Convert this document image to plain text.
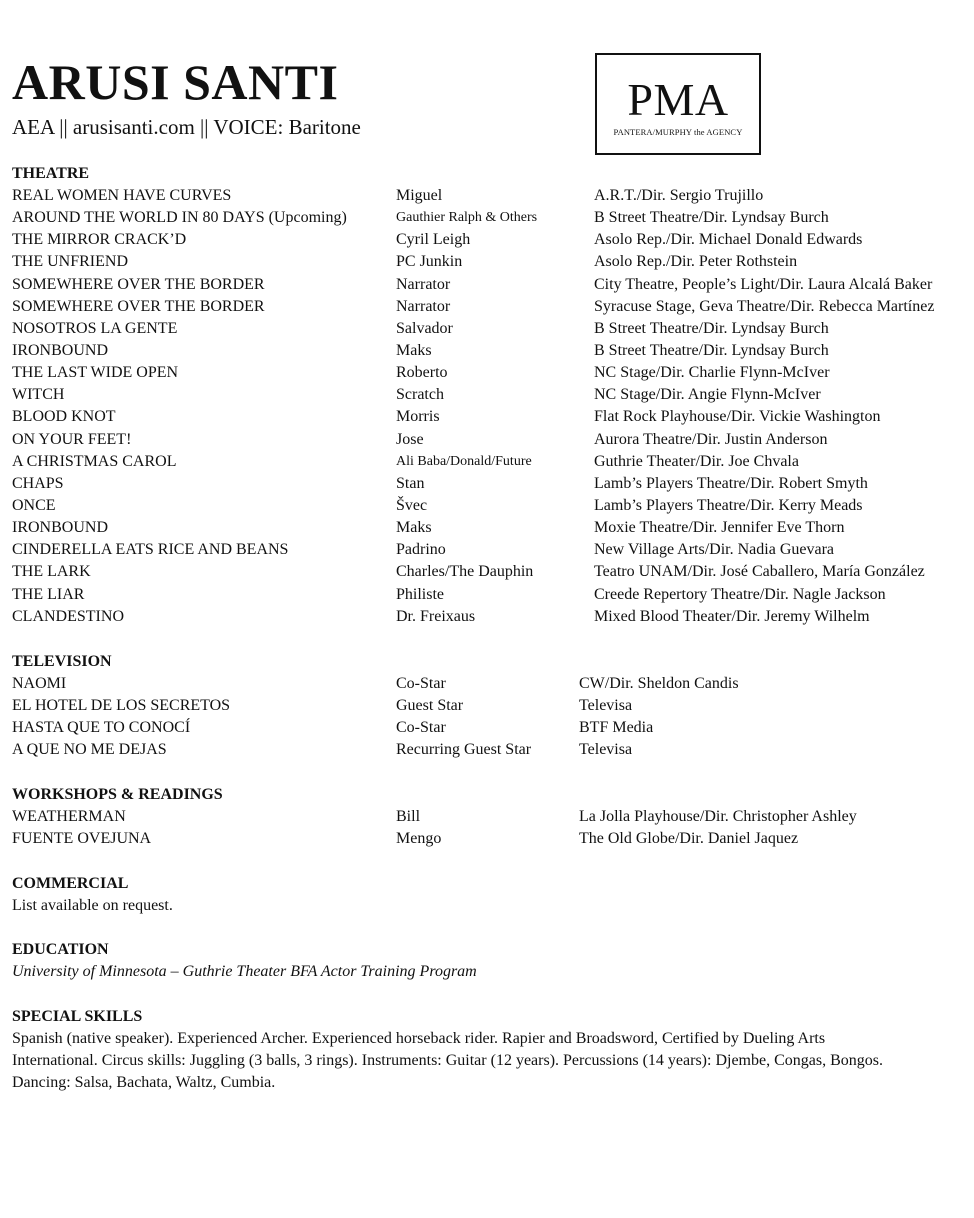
ARUSI SANTI
AEA || arusisanti.com || VOICE: Baritone
PMA
PANTERA/MURPHY the AGENCY
THEATRE
REAL WOMEN HAVE CURVES	Miguel	A.R.T./Dir. Sergio Trujillo
AROUND THE WORLD IN 80 DAYS (Upcoming)	Gauthier Ralph & Others	B Street Theatre/Dir. Lyndsay Burch
THE MIRROR CRACK’D	Cyril Leigh	Asolo Rep./Dir. Michael Donald Edwards
THE UNFRIEND	PC Junkin	Asolo Rep./Dir. Peter Rothstein
SOMEWHERE OVER THE BORDER	Narrator	City Theatre, People’s Light/Dir. Laura Alcalá Baker
SOMEWHERE OVER THE BORDER	Narrator	Syracuse Stage, Geva Theatre/Dir. Rebecca Martínez
NOSOTROS LA GENTE	Salvador	B Street Theatre/Dir. Lyndsay Burch
IRONBOUND	Maks	B Street Theatre/Dir. Lyndsay Burch
THE LAST WIDE OPEN	Roberto	NC Stage/Dir. Charlie Flynn-McIver
WITCH	Scratch	NC Stage/Dir. Angie Flynn-McIver
BLOOD KNOT	Morris	Flat Rock Playhouse/Dir. Vickie Washington
ON YOUR FEET!	Jose	Aurora Theatre/Dir. Justin Anderson
A CHRISTMAS CAROL	Ali Baba/Donald/Future	Guthrie Theater/Dir. Joe Chvala
CHAPS	Stan	Lamb’s Players Theatre/Dir. Robert Smyth
ONCE	Švec	Lamb’s Players Theatre/Dir. Kerry Meads
IRONBOUND	Maks	Moxie Theatre/Dir. Jennifer Eve Thorn
CINDERELLA EATS RICE AND BEANS	Padrino	New Village Arts/Dir. Nadia Guevara
THE LARK	Charles/The Dauphin	Teatro UNAM/Dir. José Caballero, María González
THE LIAR	Philiste	Creede Repertory Theatre/Dir. Nagle Jackson
CLANDESTINO	Dr. Freixaus	Mixed Blood Theater/Dir. Jeremy Wilhelm
TELEVISION
NAOMI	Co-Star	CW/Dir. Sheldon Candis
EL HOTEL DE LOS SECRETOS	Guest Star	Televisa
HASTA QUE TO CONOCÍ	Co-Star	BTF Media
A QUE NO ME DEJAS	Recurring Guest Star	Televisa
WORKSHOPS & READINGS
WEATHERMAN	Bill	La Jolla Playhouse/Dir. Christopher Ashley
FUENTE OVEJUNA	Mengo	The Old Globe/Dir. Daniel Jaquez
COMMERCIAL
List available on request.
EDUCATION
University of Minnesota – Guthrie Theater BFA Actor Training Program
SPECIAL SKILLS
Spanish (native speaker). Experienced Archer. Experienced horseback rider. Rapier and Broadsword, Certified by Dueling Arts
International. Circus skills: Juggling (3 balls, 3 rings). Instruments: Guitar (12 years). Percussions (14 years): Djembe, Congas, Bongos.
Dancing: Salsa, Bachata, Waltz, Cumbia.
